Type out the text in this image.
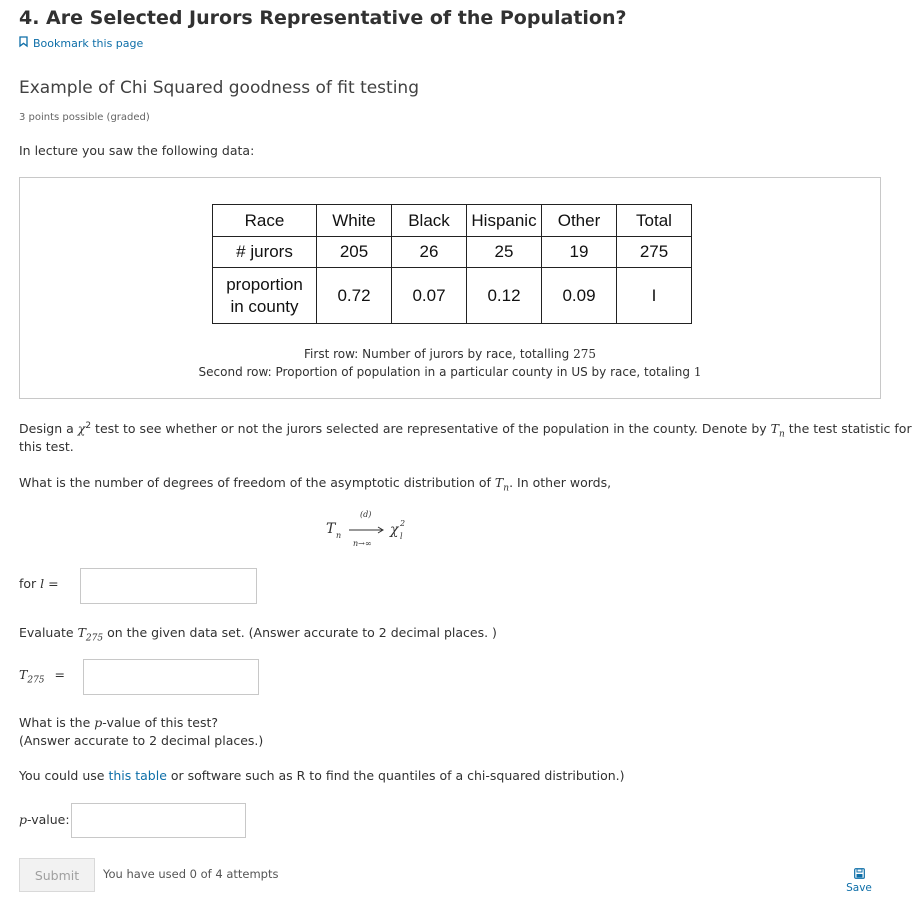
4. Are Selected Jurors Representative of the Population?
Bookmark this page
Example of Chi Squared goodness of fit testing
3 points possible (graded)
In lecture you saw the following data:
Race	White	Black	Hispanic	Other	Total
# jurors	205	26	25	19	275

proportion
in county	0.72	0.07	0.12	0.09	I
First row: Number of jurors by race, totalling 275
Second row: Proportion of population in a particular county in US by race, totaling 1
Design a $\chi^2$ test to see whether or not the jurors selected are representative of the population in the county. Denote by $T_n$ the test statistic for
this test.
What is the number of degrees of freedom of the asymptotic distribution of $T_n$. In other words,
T n
(d)
n→∞
χ 2
l
for l =
Evaluate $T_{275}$ on the given data set. (Answer accurate to 2 decimal places. )
$T_{275}$ =
What is the p-value of this test?
(Answer accurate to 2 decimal places.)
You could use this table or software such as R to find the quantiles of a chi-squared distribution.)
p-value:
Submit	You have used 0 of 4 attempts
Save
